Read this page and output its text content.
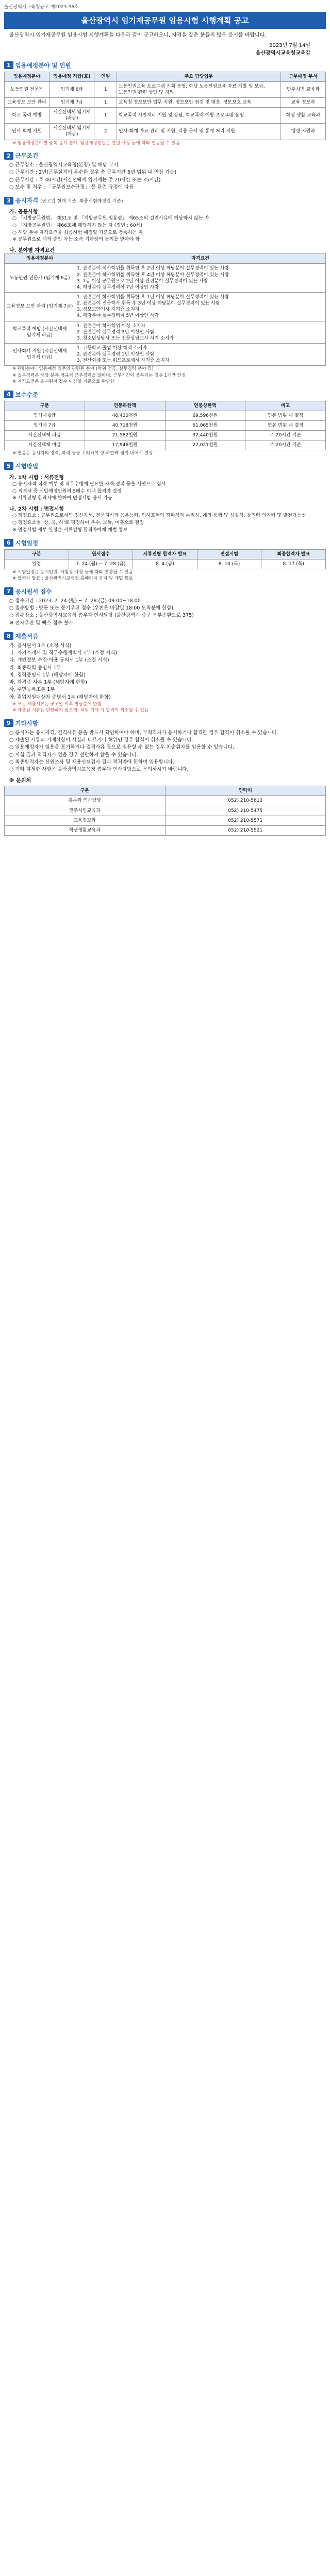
울산광역시교육청공고 제2023-36호
울산광역시 임기제공무원 임용시험 시행계획 공고
울산광역시 임기제공무원 임용시험 시행계획을 다음과 같이 공고하오니, 자격을 갖춘 분들의 많은 응시를 바랍니다.
2023년 7월 14일
울산광역시교육청교육감
1 임용예정분야 및 인원
임용예정분야	임용예정 직급(호)	인원	주요 담당업무	근무예정 부서
노동인권 전문가	임기제 6급	1	노동인권교육 프로그램 기획·운영, 학생 노동인권교육 자료 개발 및 보급, 노동인권 관련 상담 및 지원	민주시민 교육과
교육정보 보안 관리	임기제 7급	1	교육청 정보보안 업무 지원, 정보보안 점검 및 대응, 정보보호 교육	교육 정보과
학교 폭력 예방	시간선택제 임기제 (라급)	1	학교폭력 사안처리 지원 및 상담, 학교폭력 예방 프로그램 운영	학생 생활 교육과
인사 회계 지원	시간선택제 임기제 (마급)	2	인사·회계 자료 관리 및 지원, 각종 문서 및 통계 처리 지원	행정 지원과
※ 임용예정분야별 중복 응시 불가, 임용예정인원은 결원 사정 등에 따라 변동될 수 있음
2 근무조건
○ 근무장소 : 울산광역시교육청(본청) 및 해당 부서
○ 근무기간 : 2년(근무실적이 우수한 경우 총 근무기간 5년 범위 내 연장 가능)
○ 근무시간 : 주 40시간(시간선택제 임기제는 주 20시간 또는 35시간)
○ 보수 및 처우 : 「공무원보수규정」 등 관련 규정에 따름
3 응시자격 (공고일 현재 기준, 최종시험예정일 기준)
가. 공통사항
○ 「지방공무원법」 제31조 및 「지방공무원 임용령」 제65조의 결격사유에 해당하지 않는 자
○ 「지방공무원법」 제66조에 해당하지 않는 자 (정년 : 60세)
○ 해당 분야 자격요건을 최종시험 예정일 기준으로 충족하는 자
※ 공무원으로 재직 중인 자는 소속 기관장의 동의를 받아야 함
나. 분야별 자격요건
임용예정분야	자격요건
노동인권 전문가 (임기제 6급)	1. 관련분야 석사학위를 취득한 후 2년 이상 해당분야 실무경력이 있는 사람
2. 관련분야 학사학위를 취득한 후 4년 이상 해당분야 실무경력이 있는 사람
3. 7급 이상 공무원으로 2년 이상 관련분야 실무경력이 있는 사람
4. 해당분야 실무경력이 7년 이상인 사람
교육정보 보안 관리 (임기제 7급)	1. 관련분야 학사학위를 취득한 후 1년 이상 해당분야 실무경력이 있는 사람
2. 관련분야 전문학사 취득 후 3년 이상 해당분야 실무경력이 있는 사람
3. 정보보안기사 자격증 소지자
4. 해당분야 실무경력이 5년 이상인 사람
학교폭력 예방 (시간선택제 임기제 라급)	1. 관련분야 학사학위 이상 소지자
2. 관련분야 실무경력 3년 이상인 사람
3. 청소년상담사 또는 전문상담교사 자격 소지자
인사회계 지원 (시간선택제 임기제 마급)	1. 고등학교 졸업 이상 학력 소지자
2. 관련분야 실무경력 1년 이상인 사람
3. 전산회계 또는 워드프로세서 자격증 소지자
※ 관련분야 : 임용예정 업무와 관련된 분야 (학위 전공, 실무경력 분야 등)
※ 실무경력은 해당 분야 정규직 근무경력을 말하며, 근무기간이 중복되는 경우 1개만 인정
※ 자격요건은 응시원서 접수 마감일 기준으로 판단함
4 보수수준
구분	연봉하한액	연봉상한액	비고
임기제 6급	46,430천원	69,596천원	연봉 범위 내 결정
임기제 7급	40,718천원	61,065천원	연봉 범위 내 결정
시간선택제 라급	21,582천원	32,440천원	주 20시간 기준
시간선택제 마급	17,946천원	27,021천원	주 20시간 기준
※ 연봉은 응시자의 경력, 학력 등을 고려하여 상·하한액 범위 내에서 결정
5 시험방법
가. 1차 시험 : 서류전형
○ 응시자격 적격 여부 및 직무수행에 필요한 자격·경력 등을 서면으로 심사
○ 적격자 중 선발예정인원의 5배수 이내 합격자 결정
※ 서류전형 합격자에 한하여 면접시험 응시 가능
나. 2차 시험 : 면접시험
○ 평정요소 : 공무원으로서의 정신자세, 전문지식과 응용능력, 의사표현의 정확성과 논리성, 예의·품행 및 성실성, 창의력·의지력 및 발전가능성
○ 평정요소별 '상, 중, 하'로 평정하여 우수, 보통, 미흡으로 결정
※ 면접시험 세부 일정은 서류전형 합격자에게 개별 통보
6 시험일정
구분	원서접수	서류전형 합격자 발표	면접시험	최종합격자 발표
일정	7. 24.(월) ~ 7. 28.(금)	8. 4.(금)	8. 10.(목)	8. 17.(목)
※ 시험일정은 응시인원, 시험장 사정 등에 따라 변경될 수 있음
※ 합격자 발표 : 울산광역시교육청 홈페이지 공지 및 개별 통보
7 응시원서 접수
○ 접수기간 : 2023. 7. 24.(월) ~ 7. 28.(금) 09:00~18:00
○ 접수방법 : 방문 또는 등기우편 접수 (우편은 마감일 18:00 도착분에 한함)
○ 접수장소 : 울산광역시교육청 총무과 인사담당 (울산광역시 중구 북부순환도로 375)
※ 전자우편 및 팩스 접수 불가
8 제출서류
가. 응시원서 1부 (소정 서식)
나. 자기소개서 및 직무수행계획서 1부 (소정 서식)
다. 개인정보 수집·이용 동의서 1부 (소정 서식)
라. 최종학력 증명서 1부
마. 경력증명서 1부 (해당자에 한함)
바. 자격증 사본 1부 (해당자에 한함)
사. 주민등록초본 1부
아. 취업지원대상자 증명서 1부 (해당자에 한함)
※ 모든 제출서류는 공고일 이후 발급분에 한함
※ 제출된 서류는 반환하지 않으며, 허위 기재 시 합격이 취소될 수 있음
9 기타사항
○ 응시자는 응시자격, 결격사유 등을 반드시 확인하여야 하며, 부적격자가 응시하거나 합격한 경우 합격이 취소될 수 있습니다.
○ 제출된 서류의 기재사항이 사실과 다르거나 허위인 경우 합격이 취소될 수 있습니다.
○ 임용예정자가 임용을 포기하거나 결격사유 등으로 임용할 수 없는 경우 차순위자를 임용할 수 있습니다.
○ 시험 결과 적격자가 없을 경우 선발하지 않을 수 있습니다.
○ 최종합격자는 신원조사 및 채용신체검사 결과 적격자에 한하여 임용합니다.
○ 기타 자세한 사항은 울산광역시교육청 총무과 인사담당으로 문의하시기 바랍니다.
※ 문의처
구분	연락처
총무과 인사담당	052) 210-5612
민주시민교육과	052) 210-5475
교육정보과	052) 210-5571
학생생활교육과	052) 210-5521
